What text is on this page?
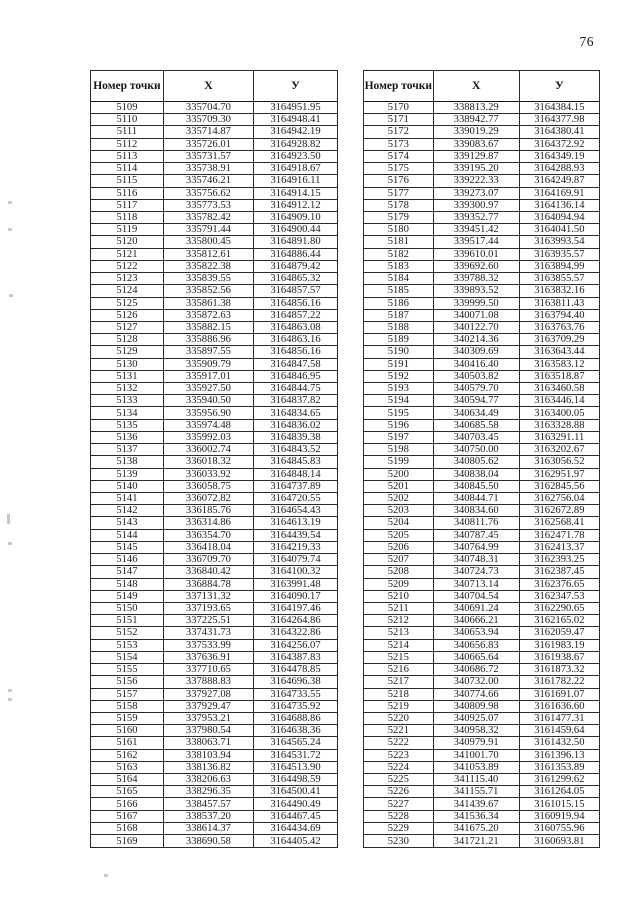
76
Номер точки	X	У
5109	335704.70	3164951.95
5110	335709.30	3164948.41
5111	335714.87	3164942.19
5112	335726.01	3164928.82
5113	335731.57	3164923.50
5114	335738.91	3164918.67
5115	335746.21	3164916.11
5116	335756.62	3164914.15
5117	335773.53	3164912.12
5118	335782.42	3164909.10
5119	335791.44	3164900.44
5120	335800.45	3164891.80
5121	335812.61	3164886.44
5122	335822.38	3164879.42
5123	335839.55	3164865.32
5124	335852.56	3164857.57
5125	335861.38	3164856.16
5126	335872.63	3164857.22
5127	335882.15	3164863.08
5128	335886.96	3164863.16
5129	335897.55	3164856.16
5130	335909.79	3164847.58
5131	335917.01	3164846.95
5132	335927.50	3164844.75
5133	335940.50	3164837.82
5134	335956.90	3164834.65
5135	335974.48	3164836.02
5136	335992.03	3164839.38
5137	336002.74	3164843.52
5138	336018.32	3164845.83
5139	336033.92	3164848.14
5140	336058.75	3164737.89
5141	336072.82	3164720.55
5142	336185.76	3164654.43
5143	336314.86	3164613.19
5144	336354.70	3164439.54
5145	336418.04	3164219.33
5146	336709.70	3164079.74
5147	336840.42	3164100.32
5148	336884.78	3163991.48
5149	337131.32	3164090.17
5150	337193.65	3164197.46
5151	337225.51	3164264.86
5152	337431.73	3164322.86
5153	337533.99	3164256.07
5154	337636.91	3164387.83
5155	337710.65	3164478.85
5156	337888.83	3164696.38
5157	337927.08	3164733.55
5158	337929.47	3164735.92
5159	337953.21	3164688.86
5160	337980.54	3164638.36
5161	338063.71	3164565.24
5162	338103.94	3164531.72
5163	338136.82	3164513.90
5164	338206.63	3164498.59
5165	338296.35	3164500.41
5166	338457.57	3164490.49
5167	338537.20	3164467.45
5168	338614.37	3164434.69
5169	338690.58	3164405.42
Номер точки	X	У
5170	338813.29	3164384.15
5171	338942.77	3164377.98
5172	339019.29	3164380.41
5173	339083.67	3164372.92
5174	339129.87	3164349.19
5175	339195.20	3164288.93
5176	339222.33	3164249.87
5177	339273.07	3164169.91
5178	339300.97	3164136.14
5179	339352.77	3164094.94
5180	339451.42	3164041.50
5181	339517.44	3163993.54
5182	339610.01	3163935.57
5183	339692.60	3163894.99
5184	339788.32	3163855.57
5185	339893.52	3163832.16
5186	339999.50	3163811.43
5187	340071.08	3163794.40
5188	340122.70	3163763.76
5189	340214.36	3163709.29
5190	340309.69	3163643.44
5191	340416.40	3163583.12
5192	340503.82	3163518.87
5193	340579.70	3163460.58
5194	340594.77	3163446.14
5195	340634.49	3163400.05
5196	340685.58	3163328.88
5197	340703.45	3163291.11
5198	340750.00	3163202.67
5199	340805.62	3163056.52
5200	340838.04	3162951.97
5201	340845.50	3162845.56
5202	340844.71	3162756.04
5203	340834.60	3162672.89
5204	340811.76	3162568.41
5205	340787.45	3162471.78
5206	340764.99	3162413.37
5207	340748.31	3162393.25
5208	340724.73	3162387.45
5209	340713.14	3162376.65
5210	340704.54	3162347.53
5211	340691.24	3162290.65
5212	340666.21	3162165.02
5213	340653.94	3162059.47
5214	340656.83	3161983.19
5215	340665.64	3161938.67
5216	340686.72	3161873.32
5217	340732.00	3161782.22
5218	340774.66	3161691.07
5219	340809.98	3161636.60
5220	340925.07	3161477.31
5221	340958.32	3161459.64
5222	340979.91	3161432.50
5223	341001.70	3161396.13
5224	341053.89	3161353.89
5225	341115.40	3161299.62
5226	341155.71	3161264.05
5227	341439.67	3161015.15
5228	341536.34	3160919.94
5229	341675.20	3160755.96
5230	341721.21	3160693.81
